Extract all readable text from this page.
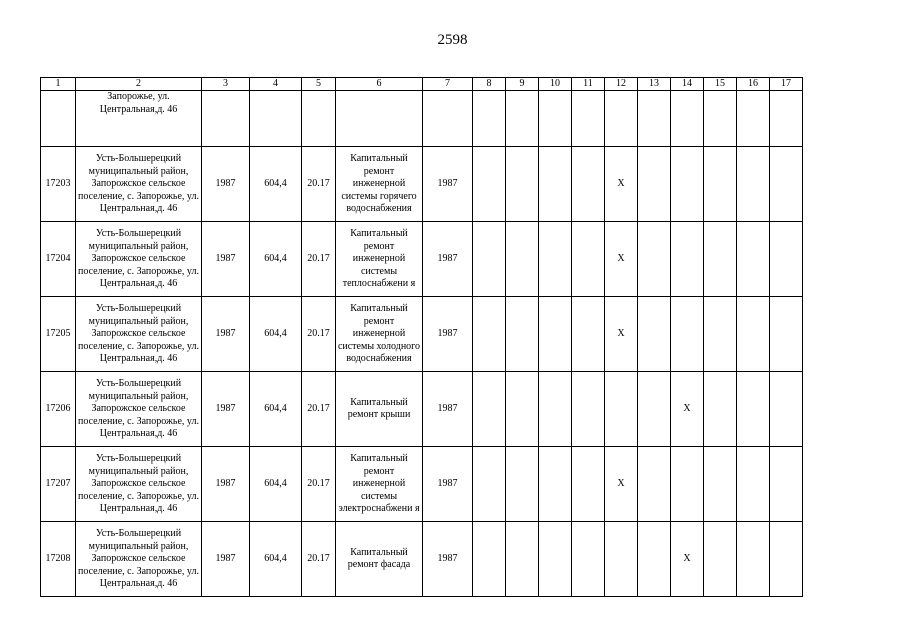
2598
1	2	3	4	5	6	7	8	9	10	11	12	13	14	15	16	17
	Запорожье, ул. Центральная,д. 46															
17203	Усть-Большерецкий муниципальный район, Запорожское сельское поселение, с. Запорожье, ул. Центральная,д. 46	1987	604,4	20.17	Капитальный ремонт инженерной системы горячего водоснабжения	1987					X					
17204	Усть-Большерецкий муниципальный район, Запорожское сельское поселение, с. Запорожье, ул. Центральная,д. 46	1987	604,4	20.17	Капитальный ремонт инженерной системы теплоснабжени я	1987					X					
17205	Усть-Большерецкий муниципальный район, Запорожское сельское поселение, с. Запорожье, ул. Центральная,д. 46	1987	604,4	20.17	Капитальный ремонт инженерной системы холодного водоснабжения	1987					X					
17206	Усть-Большерецкий муниципальный район, Запорожское сельское поселение, с. Запорожье, ул. Центральная,д. 46	1987	604,4	20.17	Капитальный ремонт крыши	1987							X			
17207	Усть-Большерецкий муниципальный район, Запорожское сельское поселение, с. Запорожье, ул. Центральная,д. 46	1987	604,4	20.17	Капитальный ремонт инженерной системы электроснабжени я	1987					X					
17208	Усть-Большерецкий муниципальный район, Запорожское сельское поселение, с. Запорожье, ул. Центральная,д. 46	1987	604,4	20.17	Капитальный ремонт фасада	1987							X			
